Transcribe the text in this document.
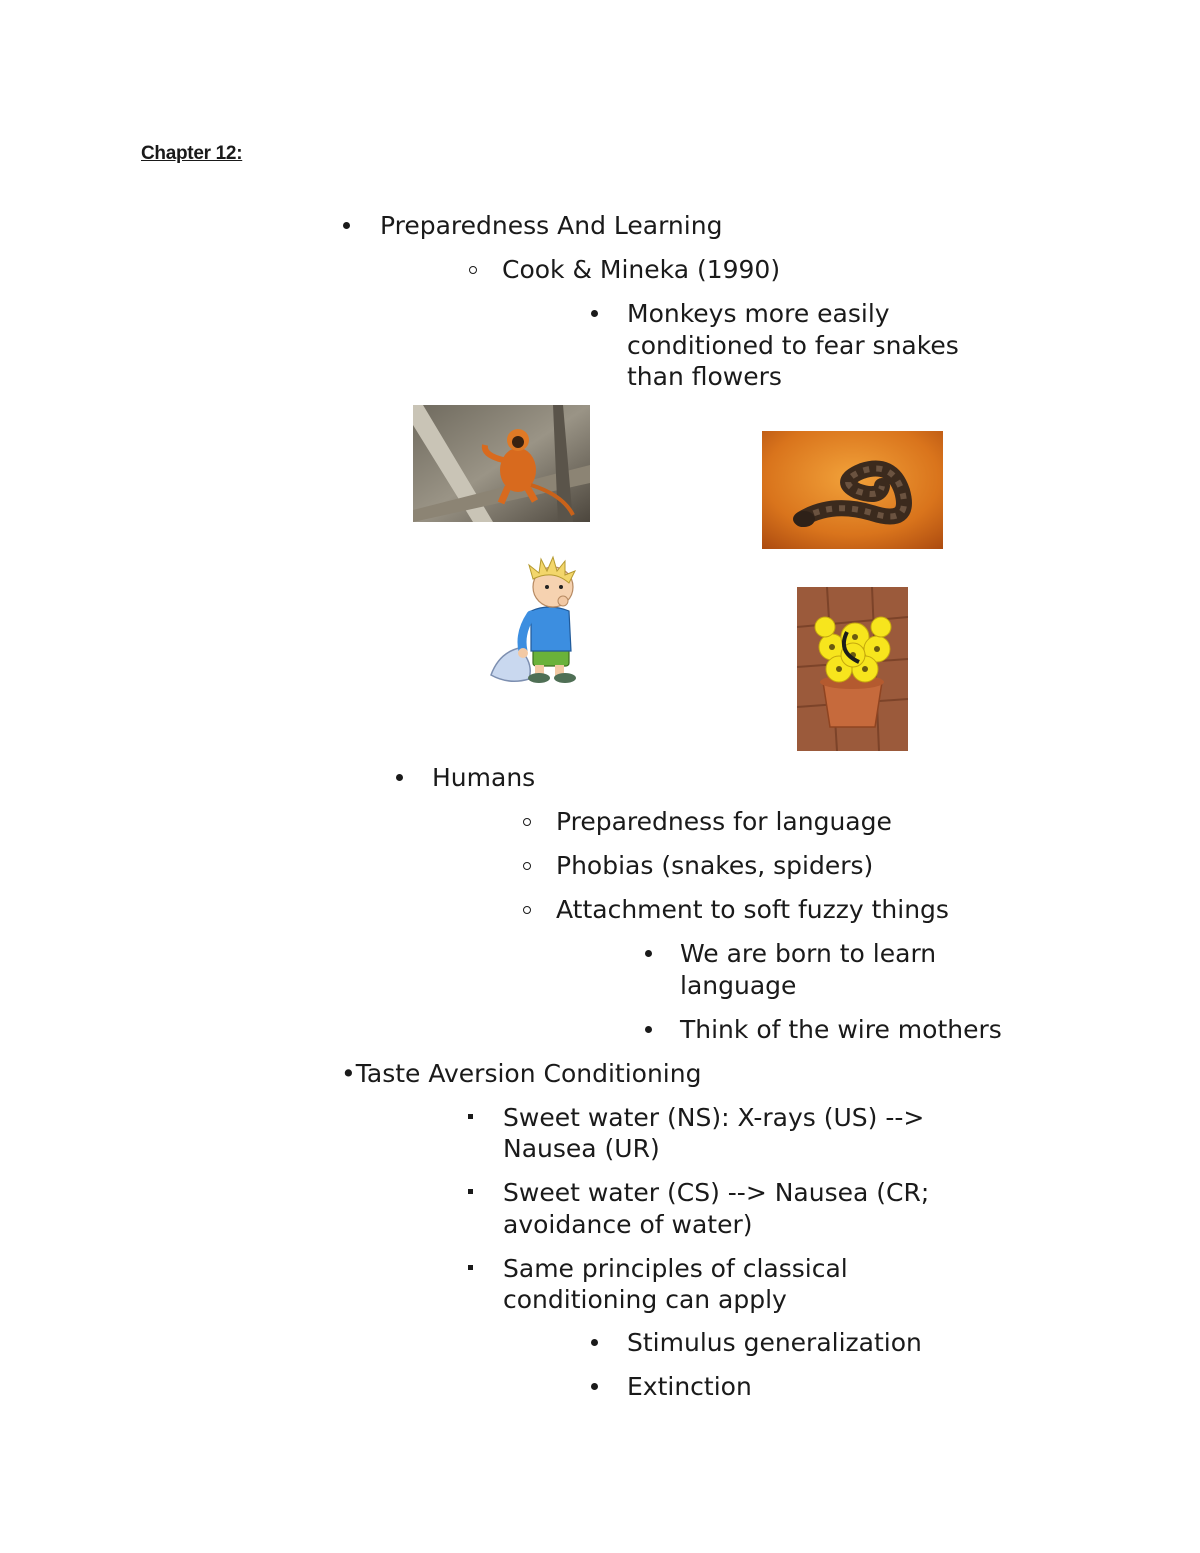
Chapter 12:
Preparedness And Learning
Cook & Mineka (1990)
Monkeys more easily
conditioned to fear snakes
than flowers
Humans
Preparedness for language
Phobias (snakes, spiders)
Attachment to soft fuzzy things
We are born to learn
language
Think of the wire mothers
•Taste Aversion Conditioning
Sweet water (NS): X-rays (US) -->
Nausea (UR)
Sweet water (CS) --> Nausea (CR;
avoidance of water)
Same principles of classical
conditioning can apply
Stimulus generalization
Extinction
